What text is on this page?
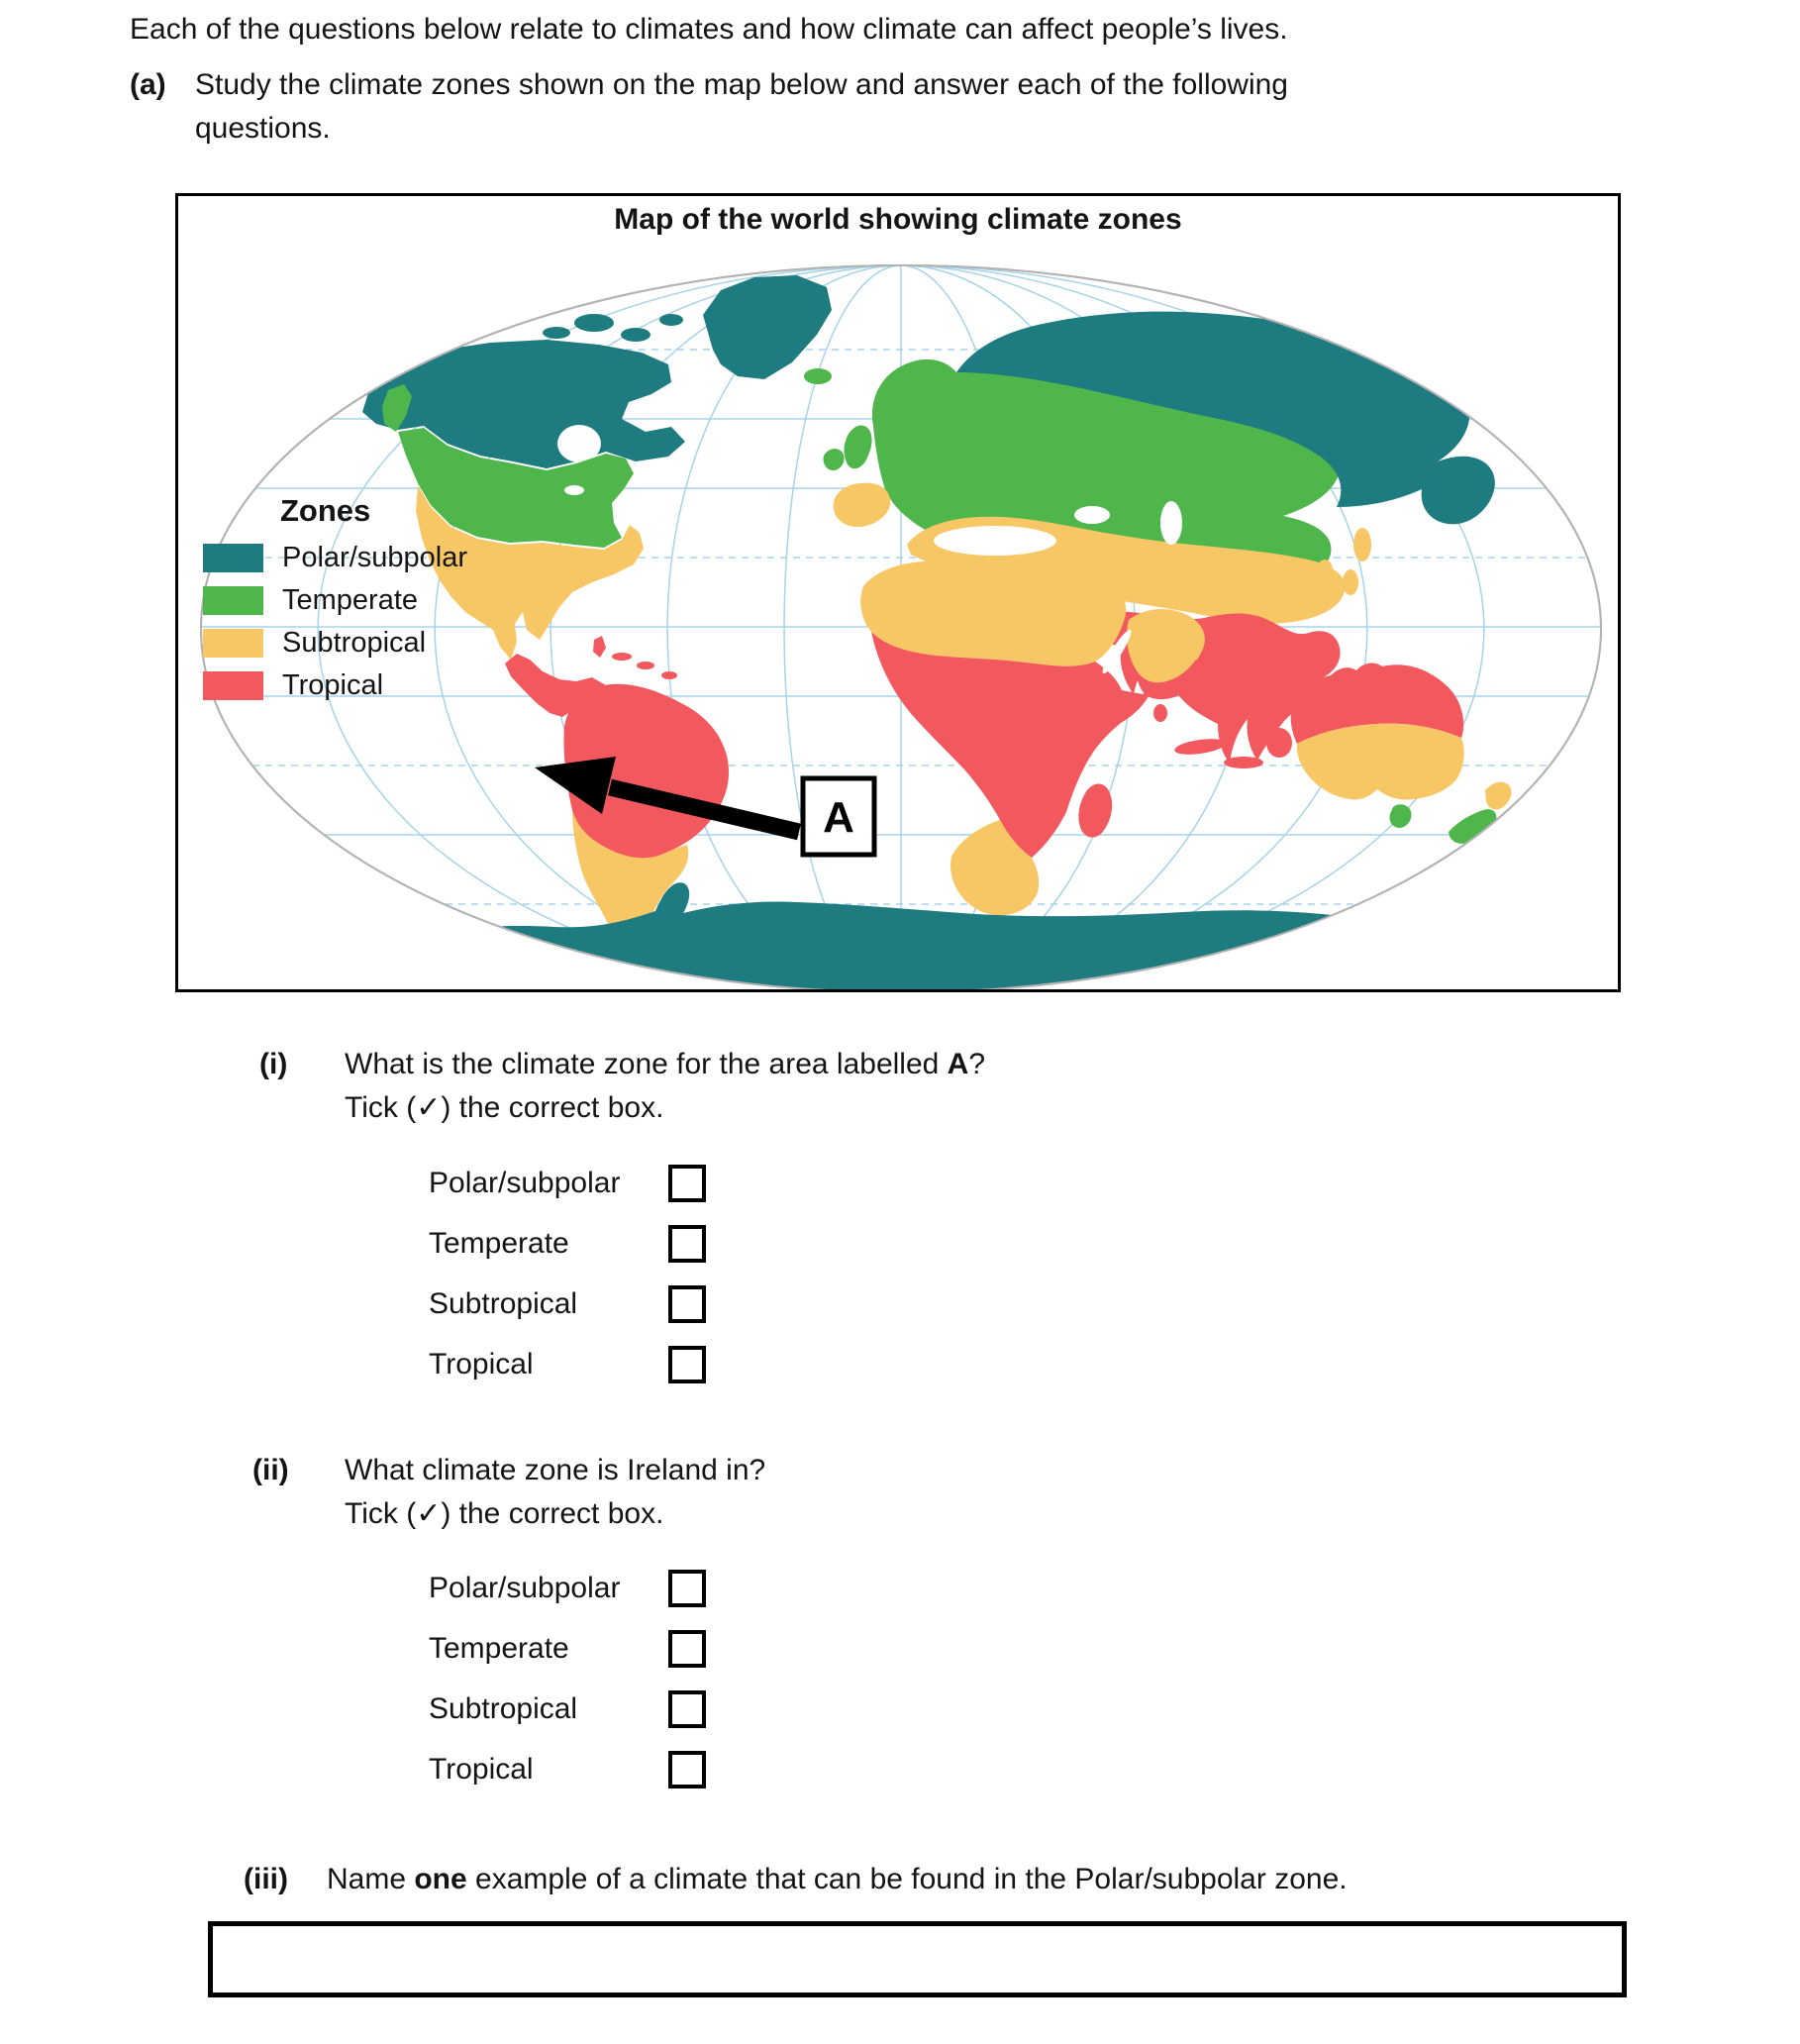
Each of the questions below relate to climates and how climate can affect people’s lives.
(a) Study the climate zones shown on the map below and answer each of the following
questions.
Map of the world showing climate zones
A
Zones
Polar/subpolar
Temperate
Subtropical
Tropical
(i) What is the climate zone for the area labelled A?
Tick (✓) the correct box.
Polar/subpolar
Temperate
Subtropical
Tropical
(ii) What climate zone is Ireland in?
Tick (✓) the correct box.
Polar/subpolar
Temperate
Subtropical
Tropical
(iii) Name one example of a climate that can be found in the Polar/subpolar zone.
